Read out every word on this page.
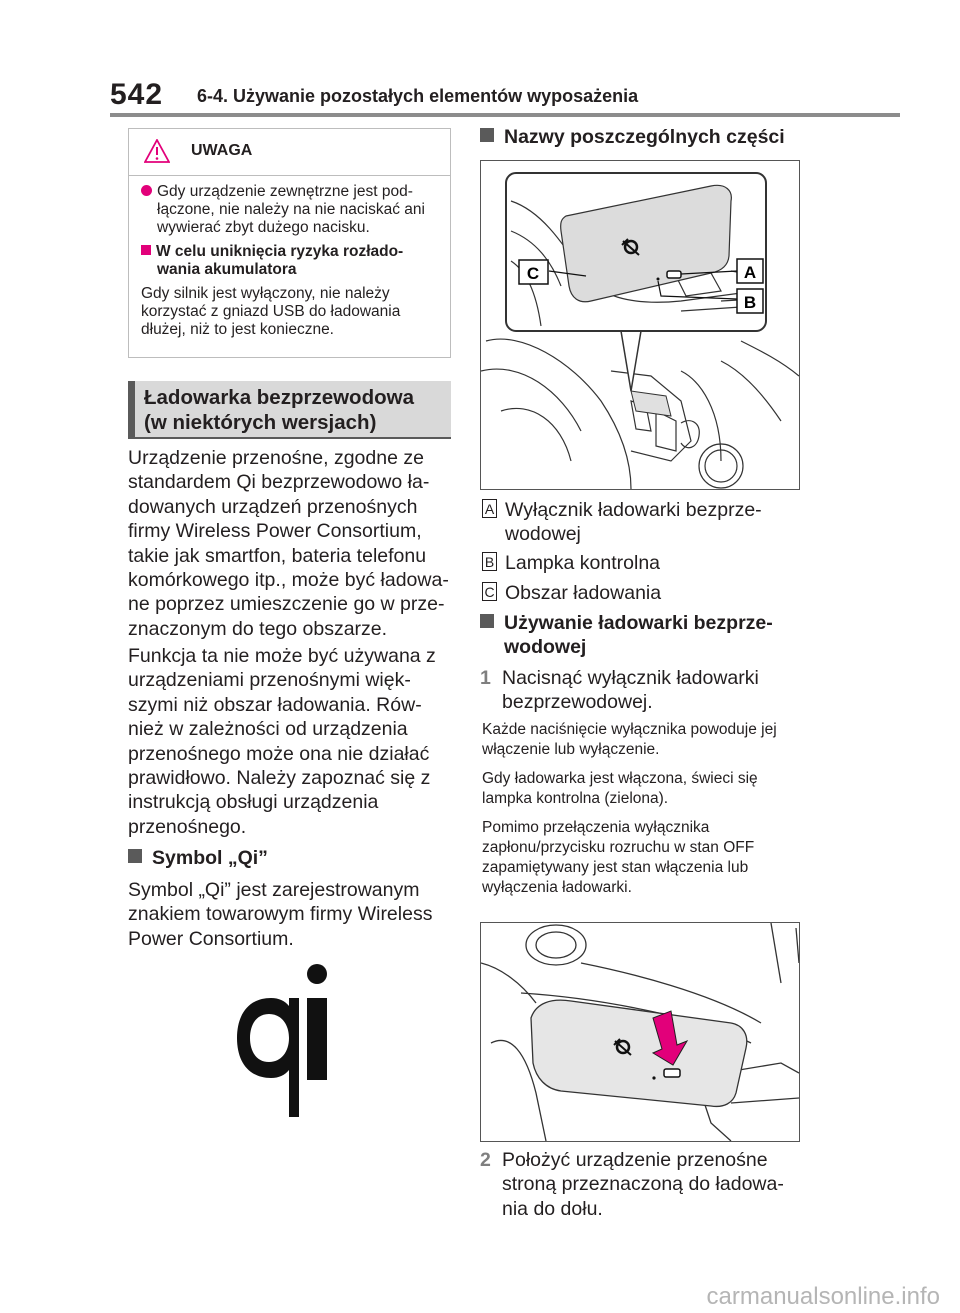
542 6-4. Używanie pozostałych elementów wyposażenia
UWAGA

Gdy urządzenie zewnętrzne jest pod-łączone, nie należy na nie naciskać ani wywierać zbyt dużego nacisku.

W celu uniknięcia ryzyka rozłado-wania akumulatora

Gdy silnik jest wyłączony, nie należy korzystać z gniazd USB do ładowania dłużej, niż to jest konieczne.

Ładowarka bezprzewodowa
(w niektórych wersjach)
Urządzenie przenośne, zgodne ze standardem Qi bezprzewodowo ła-dowanych urządzeń przenośnych firmy Wireless Power Consortium, takie jak smartfon, bateria telefonu komórkowego itp., może być ładowa-ne poprzez umieszczenie go w prze-znaczonym do tego obszarze.
Funkcja ta nie może być używana z urządzeniami przenośnymi więk-szymi niż obszar ładowania. Rów-nież w zależności od urządzenia przenośnego może ona nie działać prawidłowo. Należy zapoznać się z instrukcją obsługi urządzenia przenośnego.
Symbol „Qi”
Symbol „Qi” jest zarejestrowanym znakiem towarowym firmy Wireless Power Consortium.
Nazwy poszczególnych części
C	A
B
A Wyłącznik ładowarki bezprze-wodowej
B Lampka kontrolna
C Obszar ładowania
Używanie ładowarki bezprze-wodowej
1 Nacisnąć wyłącznik ładowarki bezprzewodowej.
Każde naciśnięcie wyłącznika powoduje jej włączenie lub wyłączenie.
Gdy ładowarka jest włączona, świeci się lampka kontrolna (zielona).
Pomimo przełączenia wyłącznika zapłonu/przycisku rozruchu w stan OFF zapamiętywany jest stan włączenia lub wyłączenia ładowarki.
2 Położyć urządzenie przenośne stroną przeznaczoną do ładowa-nia do dołu.
carmanualsonline.info
